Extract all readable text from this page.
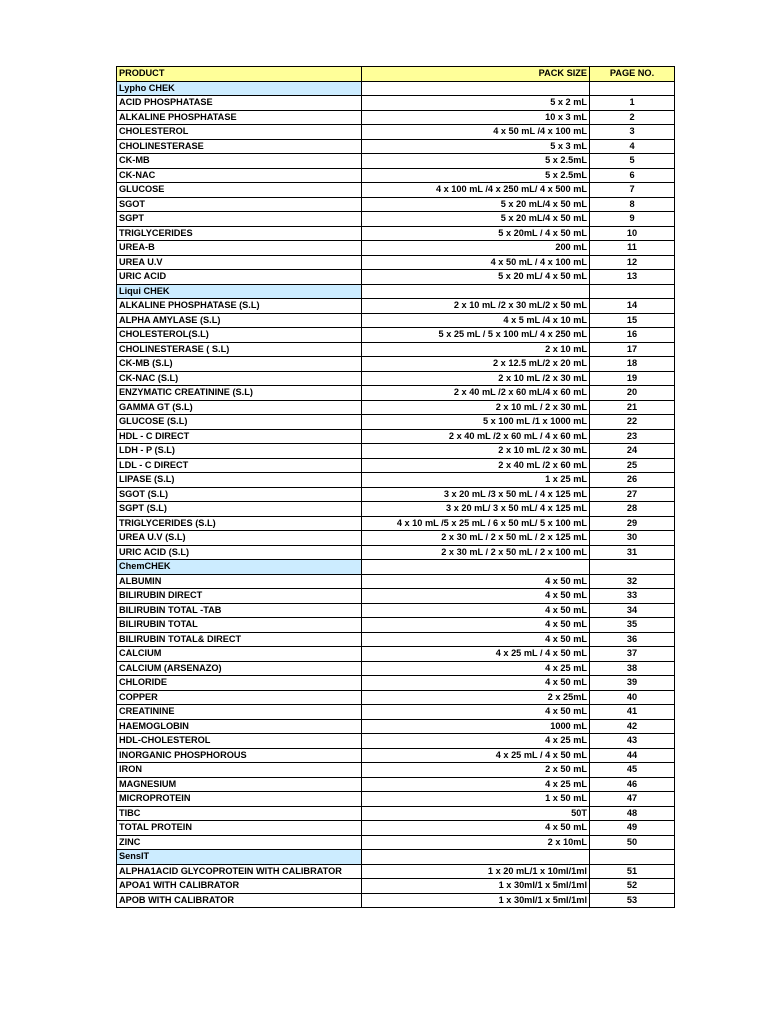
PRODUCT	PACK SIZE	PAGE NO.
Lypho CHEK		
ACID PHOSPHATASE	5 x 2 mL	1
ALKALINE PHOSPHATASE	10 x 3 mL	2
CHOLESTEROL	4 x 50 mL /4 x 100 mL	3
CHOLINESTERASE	5 x 3 mL	4
CK-MB	5 x 2.5mL	5
CK-NAC	5 x 2.5mL	6
GLUCOSE	4 x 100 mL /4 x 250 mL/ 4 x 500 mL	7
SGOT	5 x 20 mL/4 x 50 mL	8
SGPT	5 x 20 mL/4 x 50 mL	9
TRIGLYCERIDES	5 x 20mL / 4 x 50 mL	10
UREA-B	200 mL	11
UREA U.V	4 x 50 mL / 4 x 100 mL	12
URIC ACID	5 x 20 mL/ 4 x 50 mL	13
Liqui CHEK		
ALKALINE PHOSPHATASE (S.L)	2 x 10 mL /2 x 30 mL/2 x 50 mL	14
ALPHA AMYLASE (S.L)	4 x 5 mL /4 x 10 mL	15
CHOLESTEROL(S.L)	5 x 25 mL / 5 x 100 mL/ 4 x 250 mL	16
CHOLINESTERASE ( S.L)	2 x 10 mL	17
CK-MB (S.L)	2 x 12.5 mL/2 x 20 mL	18
CK-NAC (S.L)	2 x 10 mL /2 x 30 mL	19
ENZYMATIC CREATININE (S.L)	2 x 40 mL /2 x 60 mL/4 x 60 mL	20
GAMMA GT (S.L)	2 x 10 mL / 2 x 30 mL	21
GLUCOSE (S.L)	5 x 100 mL /1 x 1000 mL	22
HDL - C DIRECT	2 x 40 mL /2 x 60 mL / 4 x 60 mL	23
LDH - P (S.L)	2 x 10 mL /2 x 30 mL	24
LDL - C DIRECT	2 x 40 mL /2 x 60 mL	25
LIPASE (S.L)	1 x 25 mL	26
SGOT (S.L)	3 x 20 mL /3 x 50 mL / 4 x 125 mL	27
SGPT (S.L)	3 x 20 mL/ 3 x 50 mL/ 4 x 125 mL	28
TRIGLYCERIDES (S.L)	4 x 10 mL /5 x 25 mL / 6 x 50 mL/ 5 x 100 mL	29
UREA U.V (S.L)	2 x 30 mL / 2 x 50 mL / 2 x 125 mL	30
URIC ACID (S.L)	2 x 30 mL / 2 x 50 mL / 2 x 100 mL	31
ChemCHEK		
ALBUMIN	4 x 50 mL	32
BILIRUBIN DIRECT	4 x 50 mL	33
BILIRUBIN TOTAL -TAB	4 x 50 mL	34
BILIRUBIN TOTAL	4 x 50 mL	35
BILIRUBIN TOTAL& DIRECT	4 x 50 mL	36
CALCIUM	4 x 25 mL / 4 x 50 mL	37
CALCIUM (ARSENAZO)	4 x 25 mL	38
CHLORIDE	4 x 50 mL	39
COPPER	2 x 25mL	40
CREATININE	4 x 50 mL	41
HAEMOGLOBIN	1000 mL	42
HDL-CHOLESTEROL	4 x 25 mL	43
INORGANIC PHOSPHOROUS	4 x 25 mL / 4 x 50 mL	44
IRON	2 x 50 mL	45
MAGNESIUM	4 x 25 mL	46
MICROPROTEIN	1 x 50 mL	47
TIBC	50T	48
TOTAL PROTEIN	4 x 50 mL	49
ZINC	2 x 10mL	50
SensIT		
ALPHA1ACID GLYCOPROTEIN WITH CALIBRATOR	1 x 20 mL/1 x 10ml/1ml	51
APOA1 WITH CALIBRATOR	1 x 30ml/1 x 5ml/1ml	52
APOB WITH CALIBRATOR	1 x 30ml/1 x 5ml/1ml	53
